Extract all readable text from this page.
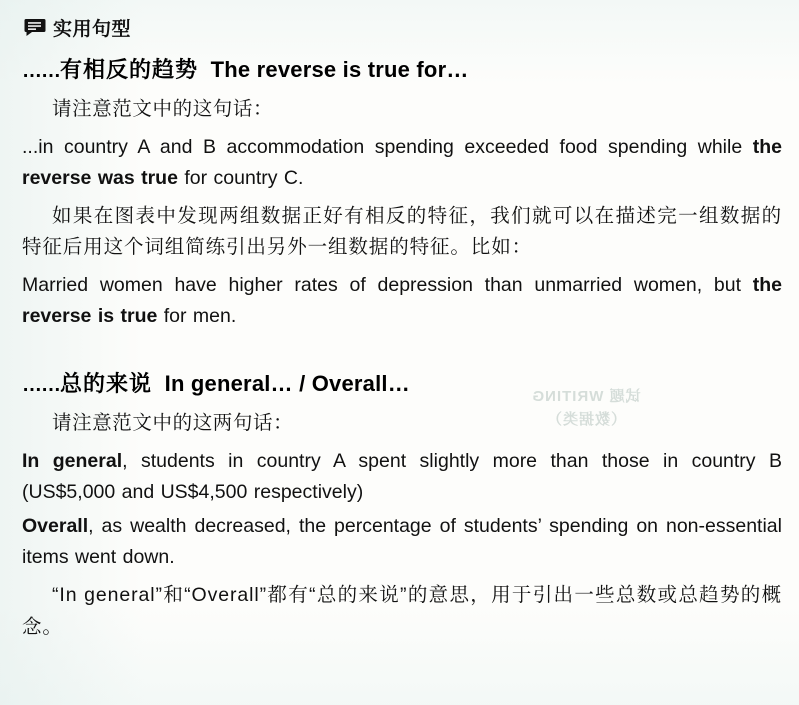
试题 WRITING
（数据类）
实用句型
……有相反的趋势 The reverse is true for…

请注意范文中的这句话：

...in country A and B accommodation spending exceeded food spending while the reverse was true for country C.

如果在图表中发现两组数据正好有相反的特征，我们就可以在描述完一组数据的特征后用这个词组简练引出另外一组数据的特征。比如：

Married women have higher rates of depression than unmarried women, but the reverse is true for men.

……总的来说 In general… / Overall…

请注意范文中的这两句话：

In general, students in country A spent slightly more than those in country B (US$5,000 and US$4,500 respectively)

Overall, as wealth decreased, the percentage of students’ spending on non-essential items went down.

“In general”和“Overall”都有“总的来说”的意思，用于引出一些总数或总趋势的概念。
